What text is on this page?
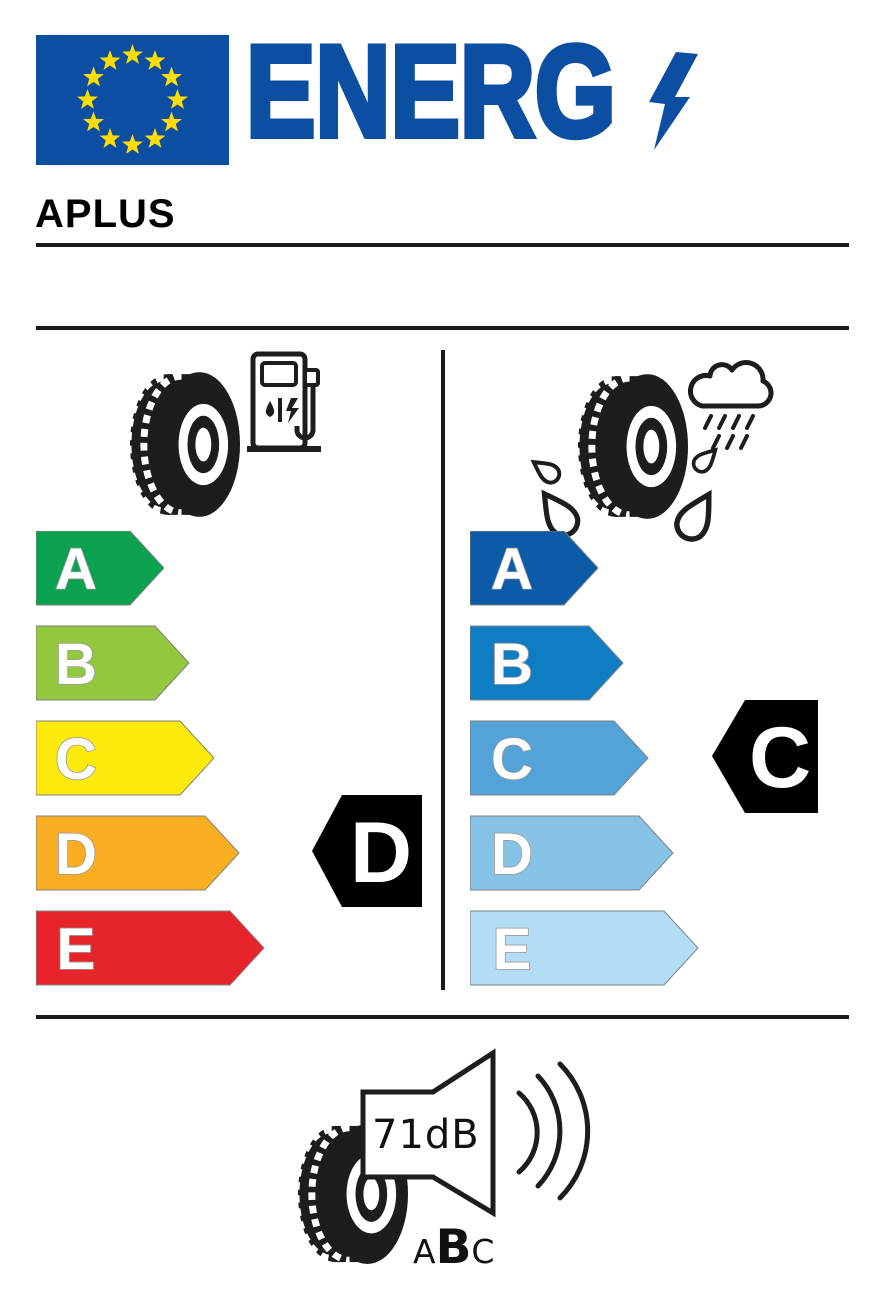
ENERG
APLUS
A
B
C
D
E
D
A
B
C
D
E
C
71dB
A B C
